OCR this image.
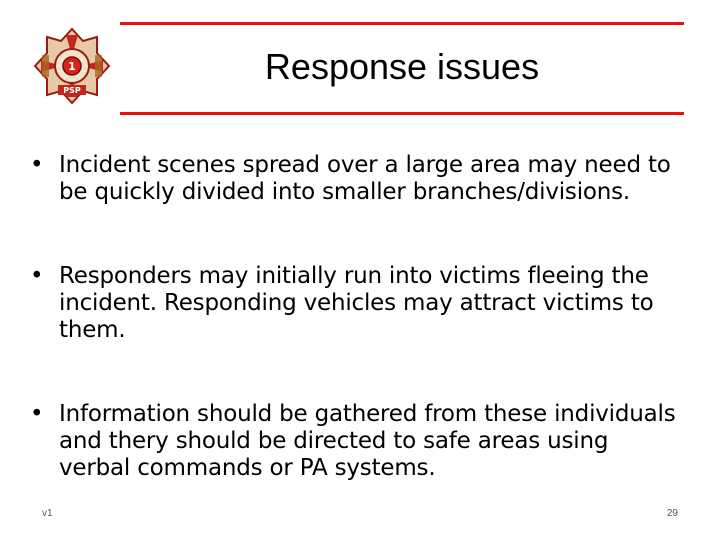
1
PSP
Response issues
• Incident scenes spread over a large area may need to be quickly divided into smaller branches/divisions.
• Responders may initially run into victims fleeing the incident. Responding vehicles may attract victims to them.
• Information should be gathered from these individuals and thery should be directed to safe areas using verbal commands or PA systems.
v1	29
